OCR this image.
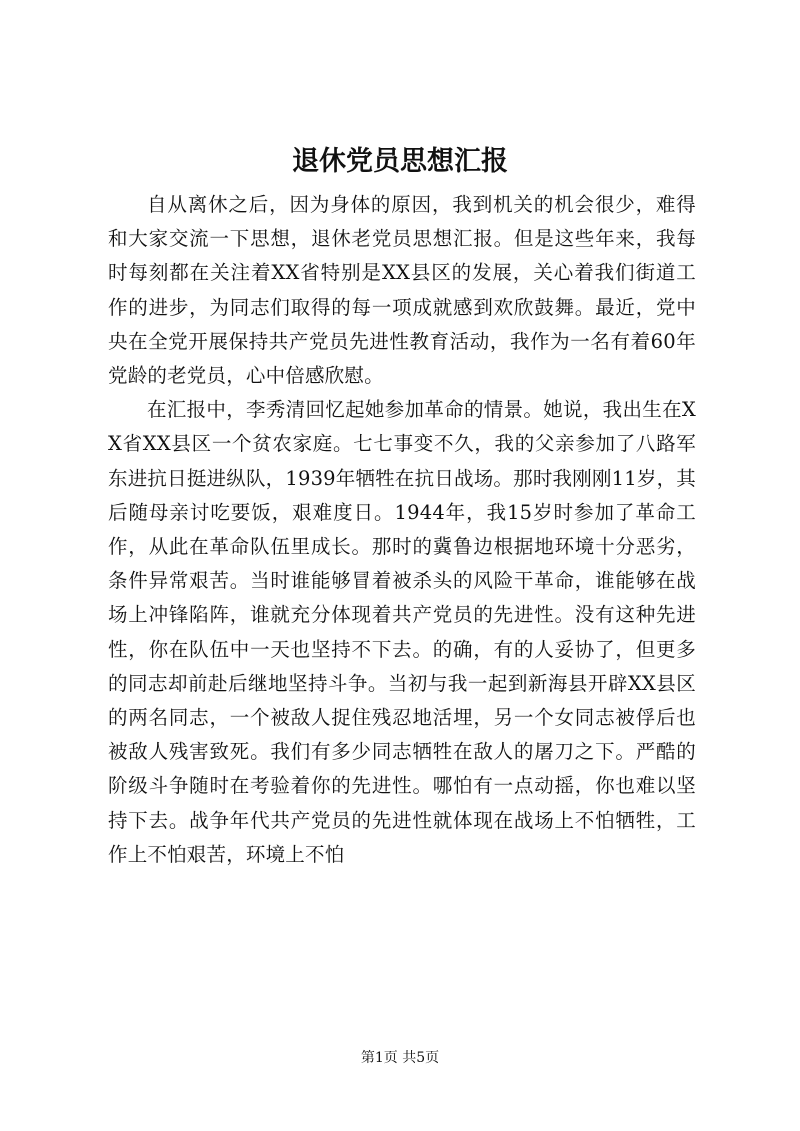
退休党员思想汇报

自从离休之后，因为身体的原因，我到机关的机会很少，难得和大家交流一下思想，退休老党员思想汇报。但是这些年来，我每时每刻都在关注着XX省特别是XX县区的发展，关心着我们街道工作的进步，为同志们取得的每一项成就感到欢欣鼓舞。最近，党中央在全党开展保持共产党员先进性教育活动，我作为一名有着60年党龄的老党员，心中倍感欣慰。

在汇报中，李秀清回忆起她参加革命的情景。她说，我出生在XX省XX县区一个贫农家庭。七七事变不久，我的父亲参加了八路军东进抗日挺进纵队，1939年牺牲在抗日战场。那时我刚刚11岁，其后随母亲讨吃要饭，艰难度日。1944年，我15岁时参加了革命工作，从此在革命队伍里成长。那时的冀鲁边根据地环境十分恶劣，条件异常艰苦。当时谁能够冒着被杀头的风险干革命，谁能够在战场上冲锋陷阵，谁就充分体现着共产党员的先进性。没有这种先进性，你在队伍中一天也坚持不下去。的确，有的人妥协了，但更多的同志却前赴后继地坚持斗争。当初与我一起到新海县开辟XX县区的两名同志，一个被敌人捉住残忍地活埋，另一个女同志被俘后也被敌人残害致死。我们有多少同志牺牲在敌人的屠刀之下。严酷的阶级斗争随时在考验着你的先进性。哪怕有一点动摇，你也难以坚持下去。战争年代共产党员的先进性就体现在战场上不怕牺牲，工作上不怕艰苦，环境上不怕

第1页 共5页
